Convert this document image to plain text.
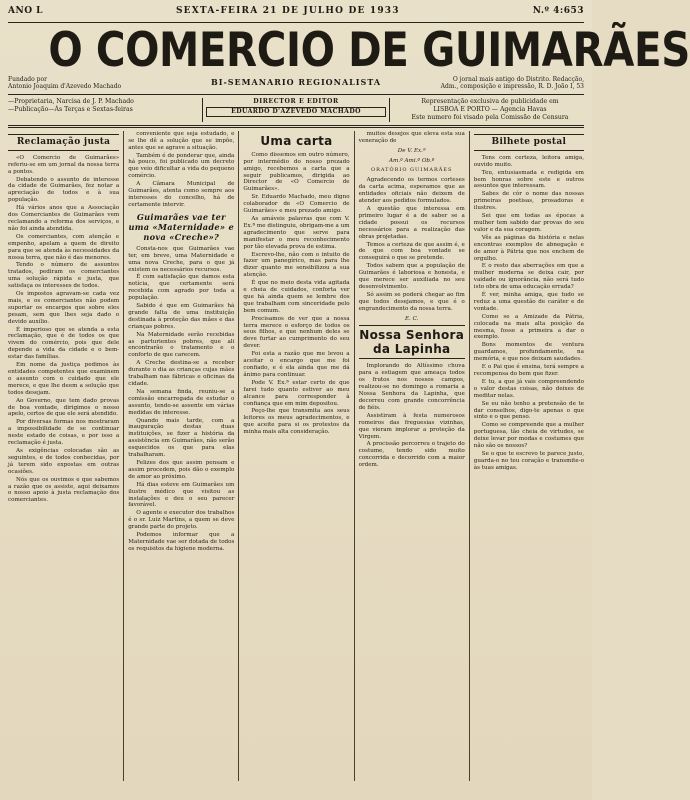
ANO L	SEXTA-FEIRA 21 DE JULHO DE 1933	N.º 4:653
O COMERCIO DE GUIMARÃES
Fundado por
Antonio Joaquim d'Azevedo Machado	BI-SEMANARIO REGIONALISTA	O jornal mais antigo do Distrito. Redacção,
Adm., composição e impressão, R. D. João I, 53
—Proprietaria, Narcisa de J. P. Machado
—Publicação—Ás Terças e Sextas-feiras
DIRECTOR E EDITOR
EDUARDO D'AZEVEDO MACHADO
Representação exclusiva de publicidade em
LISBOA E PORTO — Agencia Havas
Este numero foi visado pela Comissão de Censura
Reclamação justa

«O Comercio de Guimarães» referiu-se em um jornal da nossa terra a pontos.

Debatendo o assunto de interesse da cidade de Guimarães, fez notar a apreciação de todos e à sua população.

Há vários anos que a Associação dos Comerciantes de Guimarães vem reclamando a reforma dos serviços, e não foi ainda atendida.

Os comerciantes, com atenção e empenho, apelam a quem de direito para que se atenda às necessidades da nossa terra, que não é das menores.

Tendo o número de assuntos tratados, pediram os comerciantes uma solução rápida e justa, que satisfaça os interesses de todos.

Os impostos agravam-se cada vez mais, e os comerciantes não podem suportar os encargos que sobre eles pesam, sem que lhes seja dado o devido auxílio.

É imperioso que se atenda a esta reclamação, que é de todos os que vivem do comércio, pois que dele depende a vida da cidade e o bem-estar das famílias.

Em nome da justiça pedimos às entidades competentes que examinem o assunto com o cuidado que ele merece, e que lhe deem a solução que todos desejam.

Ao Governo, que tem dado provas de boa vontade, dirigimos o nosso apelo, certos de que ele será atendido.

Por diversas formas nos mostraram a impossibilidade de se continuar neste estado de coisas, e por isso a reclamação é justa.

As exigências colocadas são as seguintes, e de todos conhecidas, por já terem sido expostas em outras ocasiões.

Nós que os ouvimos e que sabemos a razão que os assiste, aqui deixamos o nosso apoio à justa reclamação dos comerciantes.

conveniente que seja estudado, e se lhe dê a solução que se impõe, antes que se agrave a situação.

Também é de ponderar que, ainda há pouco, foi publicado um decreto que veio dificultar a vida do pequeno comércio.

A Câmara Municipal de Guimarães, atenta como sempre aos interesses do concelho, há de certamente intervir.

Guimarães vae ter uma «Maternidade» e nova «Creche»?

Consta-nos que Guimarães vae ter, em breve, uma Maternidade e uma nova Creche, para o que já existem os necessários recursos.

É com satisfação que damos esta notícia, que certamente será recebida com agrado por toda a população.

Sabido é que em Guimarães há grande falta de uma instituição destinada à proteção das mães e das crianças pobres.

Na Maternidade serão recebidas as parturientes pobres, que ali encontrarão o tratamento e o conforto de que carecem.

A Creche destina-se a receber durante o dia as crianças cujas mães trabalham nas fábricas e oficinas da cidade.

Na semana finda, reuniu-se a comissão encarregada de estudar o assunto, tendo-se assente em várias medidas de interesse.

Quando mais tarde, com a inauguração destas duas instituições, se fizer a história da assistência em Guimarães, não serão esquecidos os que para elas trabalharam.

Felizes dos que assim pensam e assim procedem, pois dão o exemplo de amor ao próximo.

Há dias esteve em Guimarães um ilustre médico que visitou as instalações e deu o seu parecer favorável.

O agente e executor dos trabalhos é o sr. Luiz Martins, a quem se deve grande parte do projeto.

Podemos informar que a Maternidade vae ser dotada de todos os requisitos da higiene moderna.

Uma carta

Como dissemos em outro número, por intermédio do nosso prezado amigo, recebemos a carta que a seguir publicamos, dirigida ao Director de «O Comercio de Guimarães».

Sr. Eduardo Machado, meu digno colaborador de «O Comercio de Guimarães» e meu prezado amigo.

As amáveis palavras que com V. Ex.ª me distinguiu, obrigam-me a um agradecimento que serve para manifestar o meu reconhecimento por tão elevada prova de estima.

Escrevo-lhe, não com o intuito de fazer um panegírico, mas para lhe dizer quanto me sensibilizou a sua atenção.

É que no meio desta vida agitada e cheia de cuidados, conforta ver que há ainda quem se lembre dos que trabalham com sinceridade pelo bem comum.

Precisamos de ver que a nossa terra merece o esforço de todos os seus filhos, e que nenhum deles se deve furtar ao cumprimento do seu dever.

Foi esta a razão que me levou a aceitar o encargo que me foi confiado, e é ela ainda que me dá ânimo para continuar.

Pode V. Ex.ª estar certo de que farei tudo quanto estiver ao meu alcance para corresponder à confiança que em mim depositou.

Peço-lhe que transmita aos seus leitores os meus agradecimentos, e que aceite para si os protestos da minha mais alta consideração.

muitos desejos que eleva esta sua veneração de

De V. Ex.ª
Am.º Ami.º Ob.º
ORATÓRIO GUIMARÃES

Agradecendo os termos corteses da carta acima, esperamos que as entidades oficiais não deixem de atender aos pedidos formulados.

A questão que interessa em primeiro lugar é a de saber se a cidade possui os recursos necessários para a realização das obras projetadas.

Temos a certeza de que assim é, e de que com boa vontade se conseguirá o que se pretende.

Todos sabem que a população de Guimarães é laboriosa e honesta, e que merece ser auxiliada no seu desenvolvimento.

Só assim se poderá chegar ao fim que todos desejamos, e que é o engrandecimento da nossa terra.

E. C.
Nossa Senhora da Lapinha

Implorando do Altíssimo chuva para a estiagem que ameaça todos os frutos nos nossos campos, realizou-se no domingo a romaria a Nossa Senhora da Lapinha, que decorreu com grande concorrência de fiéis.

Assistiram à festa numerosos romeiros das freguesias vizinhas, que vieram implorar a proteção da Virgem.

A procissão percorreu o trajeto do costume, tendo sido muito concorrida e decorrido com a maior ordem.

Bilhete postal

Tens com certeza, leitora amiga, ouvido muito.

Teu, entusiasmada e redigida em bem honras sobre este e outros assuntos que interessam.

Sabes de cór o nome das nossas primeiras poetisas, prosadoras e ilustres.

Sei que em todas as épocas a mulher tem sabido dar provas do seu valor e da sua coragem.

Vês as páginas da história e nelas encontras exemplos de abnegação e de amor à Pátria que nos enchem de orgulho.

E o resto das aberrações em que a mulher moderna se deixa cair, por vaidade ou ignorância, não será tudo isto obra de uma educação errada?

É ver, minha amiga, que tudo se reduz a uma questão de caráter e de vontade.

Como se a Amizade da Pátria, colocada na mais alta posição da mesma, fosse a primeira a dar o exemplo.

Bons momentos de ventura guardamos, profundamente, na memória, e que nos deixam saudades.

E o Pai que é ensina, terá sempre a recompensa do bem que fizer.

E tu, a que já vais compreendendo o valor destas coisas, não deixes de meditar nelas.

Se eu não tenho a pretensão de te dar conselhos, digo-te apenas o que sinto e o que penso.

Como se compreende que a mulher portuguesa, tão cheia de virtudes, se deixe levar por modas e costumes que não são os nossos?

Se o que te escrevo te parece justo, guarda-o no teu coração e transmite-o às tuas amigas.
